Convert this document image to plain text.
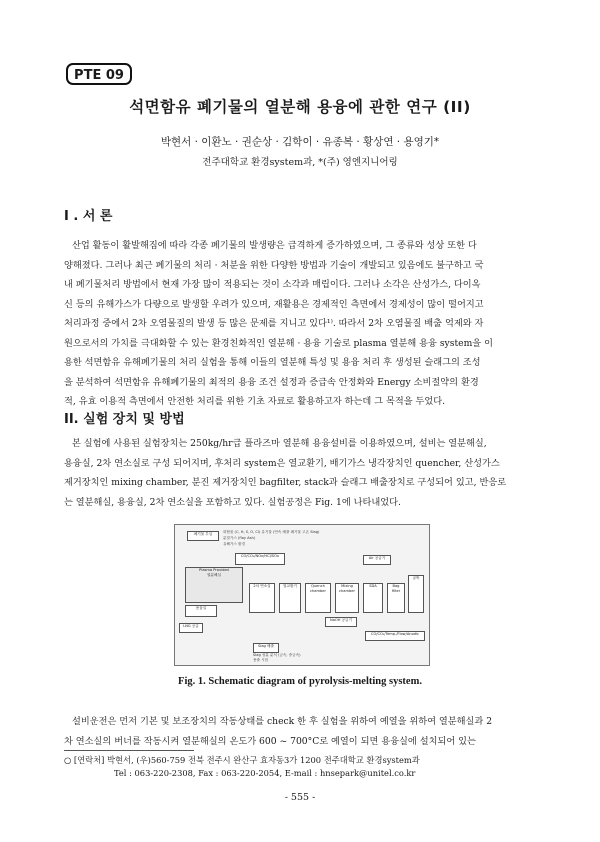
PTE 09
석면함유 폐기물의 열분해 용융에 관한 연구 (II)
박현서 · 이환노 · 권순상 · 김학이 · 유종복 · 황상연 · 용영기*
전주대학교 환경system과, *(주) 영엔지니어링
I . 서 론
산업 활동이 활발해짐에 따라 각종 폐기물의 발생량은 급격하게 증가하였으며, 그 종류와 성상 또한 다
양해졌다. 그러나 최근 폐기물의 처리 · 처분을 위한 다양한 방법과 기술이 개발되고 있음에도 불구하고 국
내 폐기물처리 방법에서 현재 가장 많이 적용되는 것이 소각과 매립이다. 그러나 소각은 산성가스, 다이옥
신 등의 유해가스가 다량으로 발생할 우려가 있으며, 재활용은 경제적인 측면에서 경제성이 많이 떨어지고
처리과정 중에서 2차 오염물질의 발생 등 많은 문제를 지니고 있다¹⁾. 따라서 2차 오염물질 배출 억제와 자
원으로서의 가치를 극대화할 수 있는 환경친화적인 열분해 · 용융 기술로 plasma 열분해 용융 system을 이
용한 석면함유 유해폐기물의 처리 실험을 통해 이들의 열분해 특성 및 용융 처리 후 생성된 슬래그의 조성
을 분석하여 석면함유 유해폐기물의 최적의 용융 조건 설정과 증급속 안정화와 Energy 소비절약의 환경
적, 유효 이용적 측면에서 안전한 처리를 위한 기초 자료로 활용하고자 하는데 그 목적을 두었다.
II. 실험 장치 및 방법
본 실험에 사용된 실험장치는 250kg/hr급 플라즈마 열분해 용융설비를 이용하였으며, 설비는 열분해실,
용융실, 2차 연소실로 구성 되어지며, 후처리 system은 열교환기, 배기가스 냉각장치인 quencher, 산성가스
제거장치인 mixing chamber, 분진 제거장치인 bagfilter, stack과 슬래그 배출장치로 구성되어 있고, 반응로
는 열분해실, 용융실, 2차 연소실을 포함하고 있다. 실험공정은 Fig. 1에 나타내었다.
폐기물 투입	화합물 (C, H, S, O, Cl) 유기물 (연속 배출 폐기물 고온 Slag)
분말가스 (flay Ash)
유해가스 환경
CO/CO₂/NOx/HCl/SOx
Plasma Provided
열분해실
용융실
LNG 공급
2차 연소실	열교환기	Quench chamber
Mixing chamber
SDA	Bag filter
굴뚝
Air 공급기
NaOH 공급기
CO/CO₂/Temp./Flow/Anodic
Slag 배출
Slag 성분 분석 (금속, 중금속)
용출 시험
Fig. 1. Schematic diagram of pyrolysis-melting system.
설비운전은 먼저 기본 및 보조장치의 작동상태를 check 한 후 실험을 위하여 예열을 위하여 열분해실과 2
차 연소실의 버너를 작동시켜 열분해실의 온도가 600 ~ 700°C로 예열이 되면 용융실에 설치되어 있는
○ [연락처] 박현서, (우)560-759 전북 전주시 완산구 효자동3가 1200 전주대학교 환경system과
Tel : 063-220-2308, Fax : 063-220-2054, E-mail : hnsepark@unitel.co.kr
- 555 -
